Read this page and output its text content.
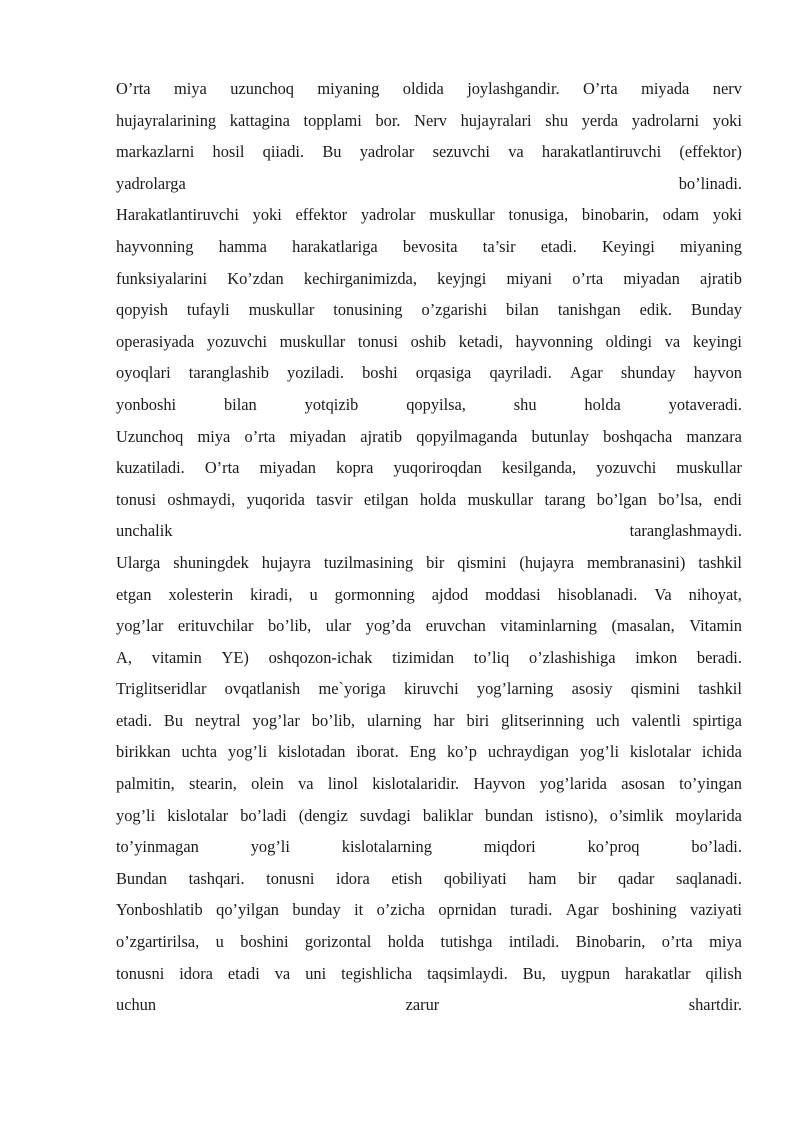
O’rta miya uzunchoq miyaning oldida joylashgandir. O’rta miyada nerv
hujayralarining kattagina topplami bor. Nerv hujayralari shu yerda yadrolarni yoki
markazlarni hosil qiiadi. Bu yadrolar sezuvchi va harakatlantiruvchi (effektor)
yadrolarga	bo’linadi.
Harakatlantiruvchi yoki effektor yadrolar muskullar tonusiga, binobarin, odam yoki
hayvonning hamma harakatlariga bevosita ta’sir etadi. Keyingi miyaning
funksiyalarini Ko’zdan kechirganimizda, keyjngi miyani o’rta miyadan ajratib
qopyish tufayli muskullar tonusining o’zgarishi bilan tanishgan edik. Bunday
operasiyada yozuvchi muskullar tonusi oshib ketadi, hayvonning oldingi va keyingi
oyoqlari taranglashib yoziladi. boshi orqasiga qayriladi. Agar shunday hayvon
yonboshi	bilan	yotqizib	qopyilsa,	shu	holda	yotaveradi.
Uzunchoq miya o’rta miyadan ajratib qopyilmaganda butunlay boshqacha manzara
kuzatiladi. O’rta miyadan kopra yuqoriroqdan kesilganda, yozuvchi muskullar
tonusi oshmaydi, yuqorida tasvir etilgan holda muskullar tarang bo’lgan bo’lsa, endi
unchalik	taranglashmaydi.
Ularga shuningdek hujayra tuzilmasining bir qismini (hujayra membranasini) tashkil
etgan xolesterin kiradi, u gormonning ajdod moddasi hisoblanadi. Va nihoyat,
yog’lar erituvchilar bo’lib, ular yog’da eruvchan vitaminlarning (masalan, Vitamin
A, vitamin YE) oshqozon-ichak tizimidan to’liq o’zlashishiga imkon beradi.
Triglitseridlar ovqatlanish me`yoriga kiruvchi yog’larning asosiy qismini tashkil
etadi. Bu neytral yog’lar bo’lib, ularning har biri glitserinning uch valentli spirtiga
birikkan uchta yog’li kislotadan iborat. Eng ko’p uchraydigan yog’li kislotalar ichida
palmitin, stearin, olein va linol kislotalaridir. Hayvon yog’larida asosan to’yingan
yog’li kislotalar bo’ladi (dengiz suvdagi baliklar bundan istisno), o’simlik moylarida
to’yinmagan	yog’li	kislotalarning	miqdori	ko’proq	bo’ladi.
Bundan tashqari. tonusni idora etish qobiliyati ham bir qadar saqlanadi.
Yonboshlatib qo’yilgan bunday it o’zicha oprnidan turadi. Agar boshining vaziyati
o’zgartirilsa, u boshini gorizontal holda tutishga intiladi. Binobarin, o’rta miya
tonusni idora etadi va uni tegishlicha taqsimlaydi. Bu, uygpun harakatlar qilish
uchun	zarur	shartdir.
